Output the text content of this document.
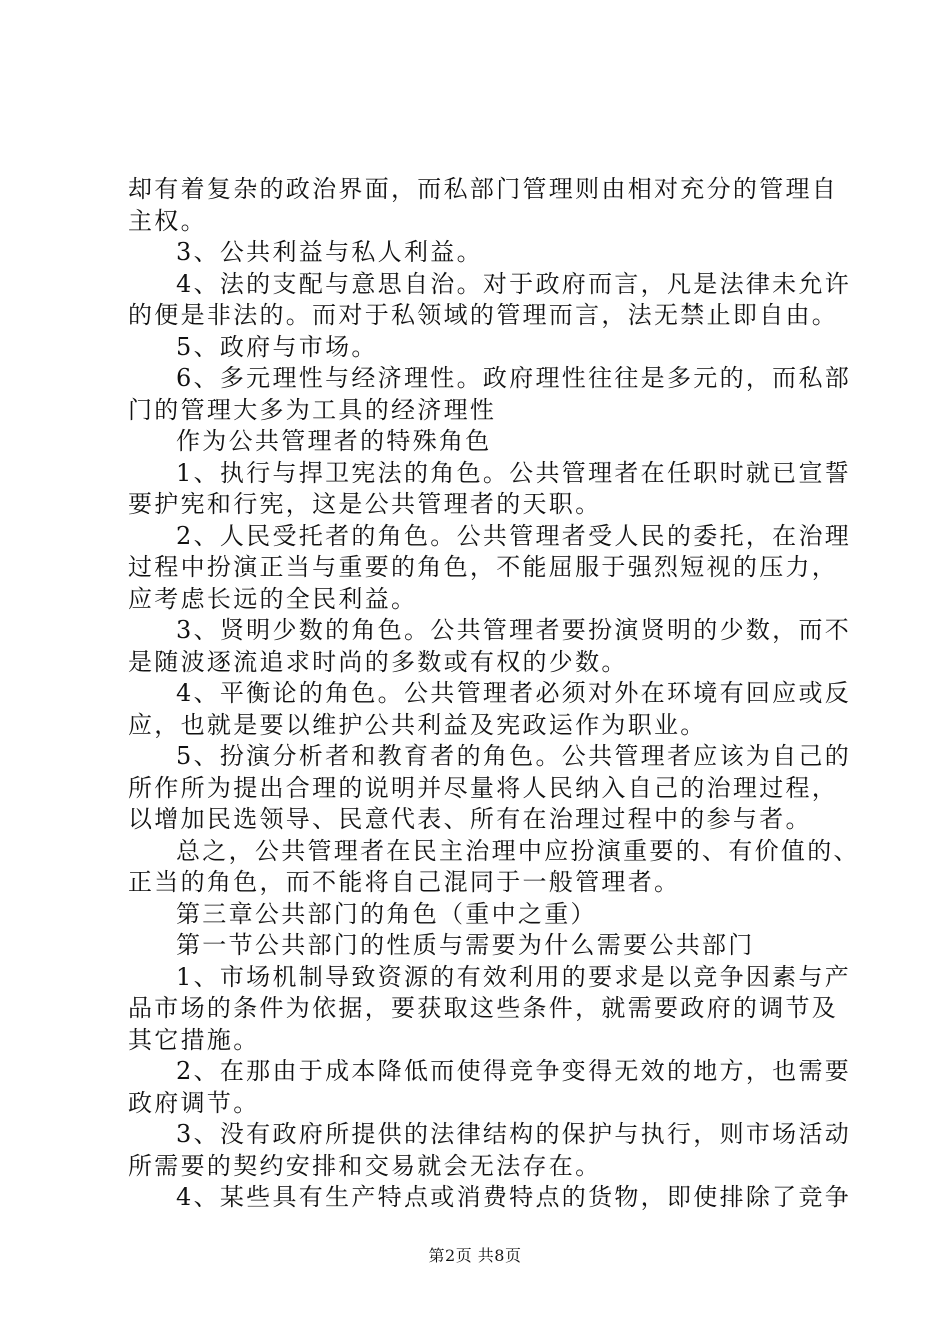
却有着复杂的政治界面，而私部门管理则由相对充分的管理自
主权。
3、公共利益与私人利益。
4、法的支配与意思自治。对于政府而言，凡是法律未允许
的便是非法的。而对于私领域的管理而言，法无禁止即自由。
5、政府与市场。
6、多元理性与经济理性。政府理性往往是多元的，而私部
门的管理大多为工具的经济理性
作为公共管理者的特殊角色
1、执行与捍卫宪法的角色。公共管理者在任职时就已宣誓
要护宪和行宪，这是公共管理者的天职。
2、人民受托者的角色。公共管理者受人民的委托，在治理
过程中扮演正当与重要的角色，不能屈服于强烈短视的压力，
应考虑长远的全民利益。
3、贤明少数的角色。公共管理者要扮演贤明的少数，而不
是随波逐流追求时尚的多数或有权的少数。
4、平衡论的角色。公共管理者必须对外在环境有回应或反
应，也就是要以维护公共利益及宪政运作为职业。
5、扮演分析者和教育者的角色。公共管理者应该为自己的
所作所为提出合理的说明并尽量将人民纳入自己的治理过程，
以增加民选领导、民意代表、所有在治理过程中的参与者。
总之，公共管理者在民主治理中应扮演重要的、有价值的、
正当的角色，而不能将自己混同于一般管理者。
第三章公共部门的角色（重中之重）
第一节公共部门的性质与需要为什么需要公共部门
1、市场机制导致资源的有效利用的要求是以竞争因素与产
品市场的条件为依据，要获取这些条件，就需要政府的调节及
其它措施。
2、在那由于成本降低而使得竞争变得无效的地方，也需要
政府调节。
3、没有政府所提供的法律结构的保护与执行，则市场活动
所需要的契约安排和交易就会无法存在。
4、某些具有生产特点或消费特点的货物，即使排除了竞争
第2页 共8页
